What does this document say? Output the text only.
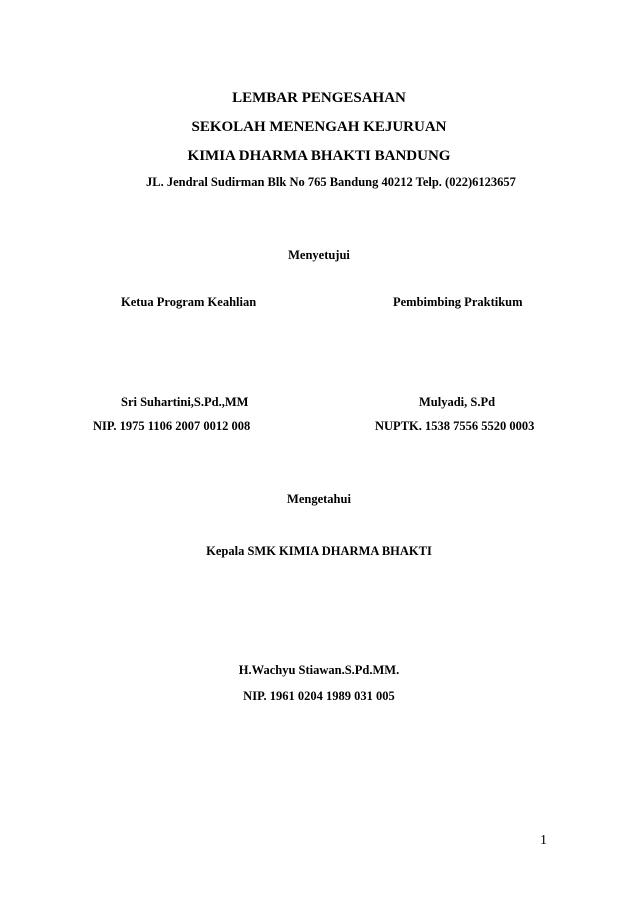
LEMBAR PENGESAHAN
SEKOLAH MENENGAH KEJURUAN
KIMIA DHARMA BHAKTI BANDUNG
JL. Jendral Sudirman Blk No 765 Bandung 40212 Telp. (022)6123657
Menyetujui
Ketua Program Keahlian	Pembimbing Praktikum
Sri Suhartini,S.Pd.,MM	Mulyadi, S.Pd
NIP. 1975 1106 2007 0012 008	NUPTK. 1538 7556 5520 0003
Mengetahui
Kepala SMK KIMIA DHARMA BHAKTI
H.Wachyu Stiawan.S.Pd.MM.
NIP. 1961 0204 1989 031 005
1
